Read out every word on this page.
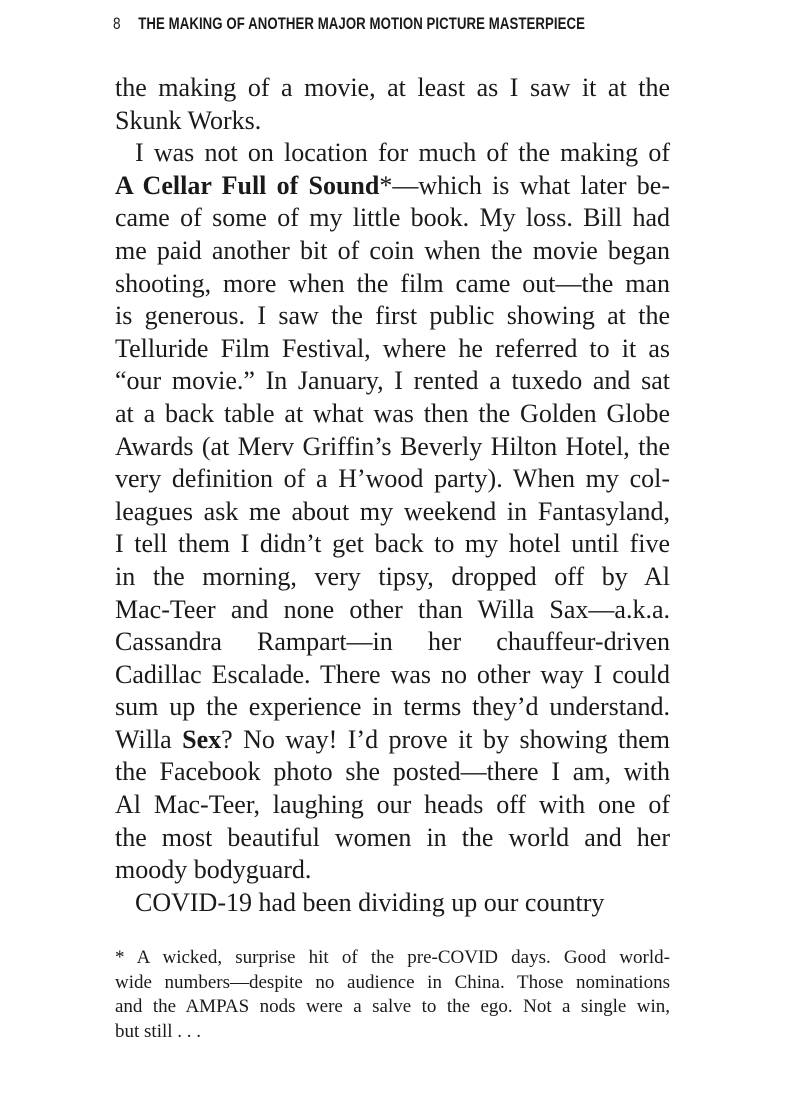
8 THE MAKING OF ANOTHER MAJOR MOTION PICTURE MASTERPIECE
the making of a movie, at least as I saw it at the
Skunk Works.
I was not on location for much of the making of
A Cellar Full of Sound*—which is what later be-
came of some of my little book. My loss. Bill had
me paid another bit of coin when the movie began
shooting, more when the film came out—the man
is generous. I saw the first public showing at the
Telluride Film Festival, where he referred to it as
“our movie.” In January, I rented a tuxedo and sat
at a back table at what was then the Golden Globe
Awards (at Merv Griffin’s Beverly Hilton Hotel, the
very definition of a H’wood party). When my col-
leagues ask me about my weekend in Fantasyland,
I tell them I didn’t get back to my hotel until five
in the morning, very tipsy, dropped off by Al
Mac-Teer and none other than Willa Sax—a.k.a.
Cassandra Rampart—in her chauffeur-driven
Cadillac Escalade. There was no other way I could
sum up the experience in terms they’d understand.
Willa Sex? No way! I’d prove it by showing them
the Facebook photo she posted—there I am, with
Al Mac-Teer, laughing our heads off with one of
the most beautiful women in the world and her
moody bodyguard.
COVID-19 had been dividing up our country
* A wicked, surprise hit of the pre-COVID days. Good world-
wide numbers—despite no audience in China. Those nominations
and the AMPAS nods were a salve to the ego. Not a single win,
but still . . .
